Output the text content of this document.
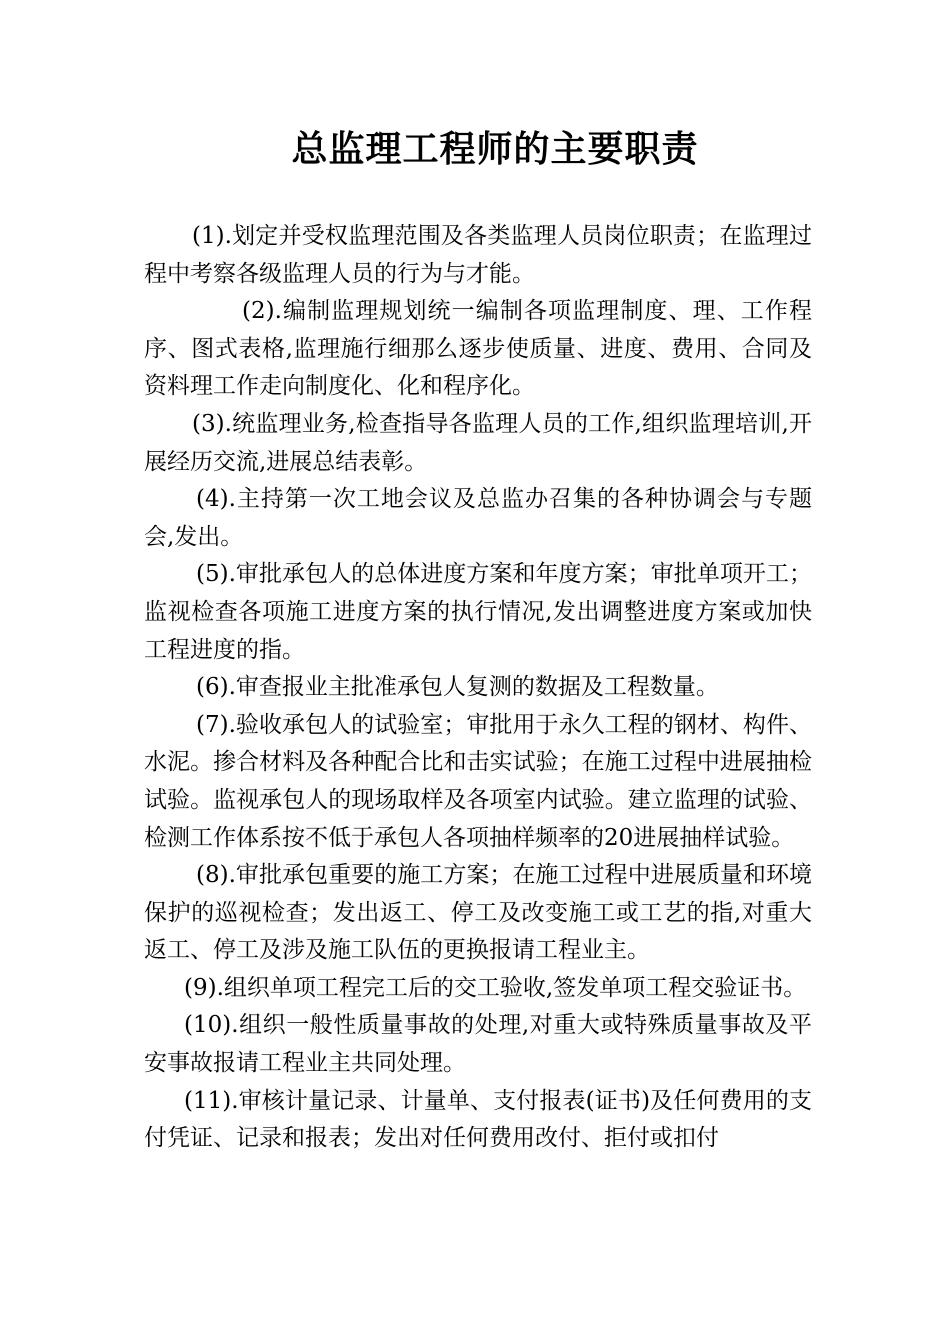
总监理工程师的主要职责

(1).划定并受权监理范围及各类监理人员岗位职责；在监理过程中考察各级监理人员的行为与才能。

(2).编制监理规划统一编制各项监理制度、理、工作程序、图式表格,监理施行细那么逐步使质量、进度、费用、合同及资料理工作走向制度化、化和程序化。

(3).统监理业务,检查指导各监理人员的工作,组织监理培训,开展经历交流,进展总结表彰。

(4).主持第一次工地会议及总监办召集的各种协调会与专题会,发出。

(5).审批承包人的总体进度方案和年度方案；审批单项开工；监视检查各项施工进度方案的执行情况,发出调整进度方案或加快工程进度的指。

(6).审查报业主批准承包人复测的数据及工程数量。

(7).验收承包人的试验室；审批用于永久工程的钢材、构件、水泥。掺合材料及各种配合比和击实试验；在施工过程中进展抽检试验。监视承包人的现场取样及各项室内试验。建立监理的试验、检测工作体系按不低于承包人各项抽样频率的20进展抽样试验。

(8).审批承包重要的施工方案；在施工过程中进展质量和环境保护的巡视检查；发出返工、停工及改变施工或工艺的指,对重大返工、停工及涉及施工队伍的更换报请工程业主。

(9).组织单项工程完工后的交工验收,签发单项工程交验证书。

(10).组织一般性质量事故的处理,对重大或特殊质量事故及平安事故报请工程业主共同处理。

(11).审核计量记录、计量单、支付报表(证书)及任何费用的支付凭证、记录和报表；发出对任何费用改付、拒付或扣付
